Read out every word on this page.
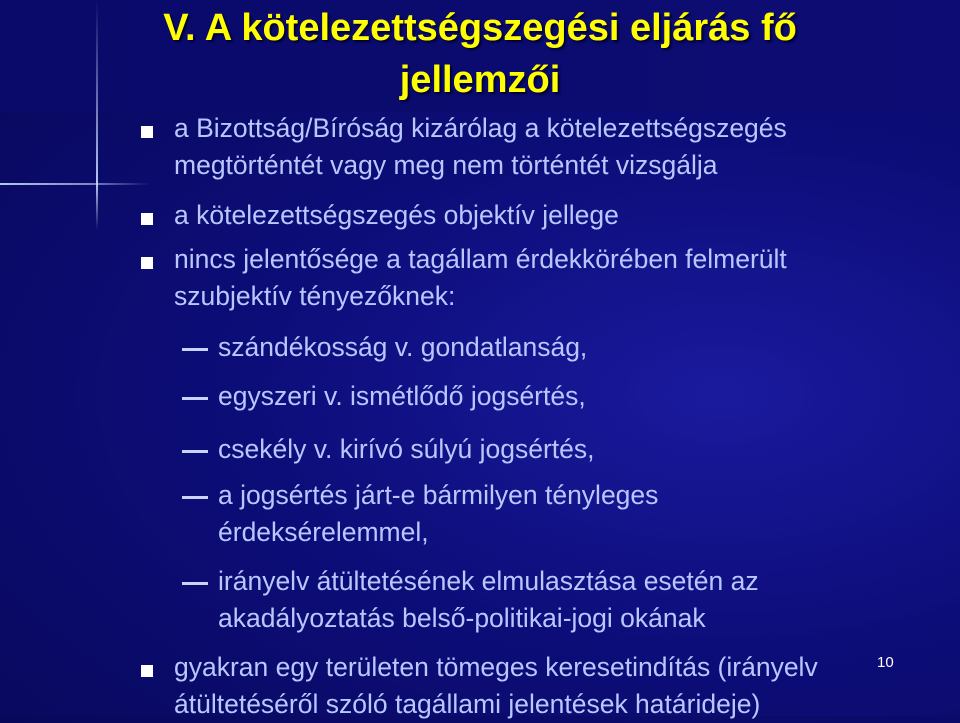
V. A kötelezettségszegési eljárás fő
jellemzői
a Bizottság/Bíróság kizárólag a kötelezettségszegés
megtörténtét vagy meg nem történtét vizsgálja
a kötelezettségszegés objektív jellege
nincs jelentősége a tagállam érdekkörében felmerült
szubjektív tényezőknek:
szándékosság v. gondatlanság,
egyszeri v. ismétlődő jogsértés,
csekély v. kirívó súlyú jogsértés,
a jogsértés járt-e bármilyen tényleges
érdeksérelemmel,
irányelv átültetésének elmulasztása esetén az
akadályoztatás belső-politikai-jogi okának
gyakran egy területen tömeges keresetindítás (irányelv
átültetéséről szóló tagállami jelentések határideje)
10
